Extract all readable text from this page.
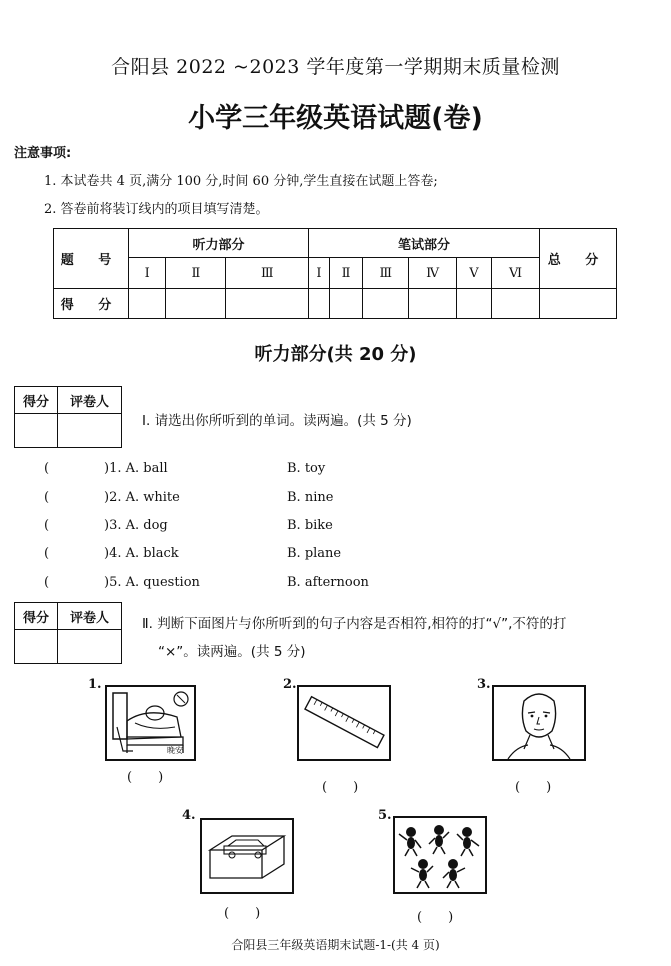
合阳县 2022 ~2023 学年度第一学期期末质量检测
小学三年级英语试题(卷)
注意事项:
1. 本试卷共 4 页,满分 100 分,时间 60 分钟,学生直接在试题上答卷;
2. 答卷前将装订线内的项目填写清楚。
题 号	听力部分			笔试部分						总 分
	Ⅰ	Ⅱ	Ⅲ	Ⅰ	Ⅱ	Ⅲ	Ⅳ	Ⅴ	Ⅵ	
得 分										
听力部分(共 20 分)
得分	评卷人

Ⅰ. 请选出你所听到的单词。读两遍。(共 5 分)
(	)1. A. ball	B. toy
(	)2. A. white	B. nine
(	)3. A. dog	B. bike
(	)4. A. black	B. plane
(	)5. A. question	B. afternoon
得分	评卷人
	Ⅱ. 判断下面图片与你所听到的句子内容是否相符,相符的打“√”,不符的打
“×”。读两遍。(共 5 分)
1.
晚安
(　　)
2.
(　　)
3.
(　　)
4.
(　　)
5.
(　　)
合阳县三年级英语期末试题-1-(共 4 页)
